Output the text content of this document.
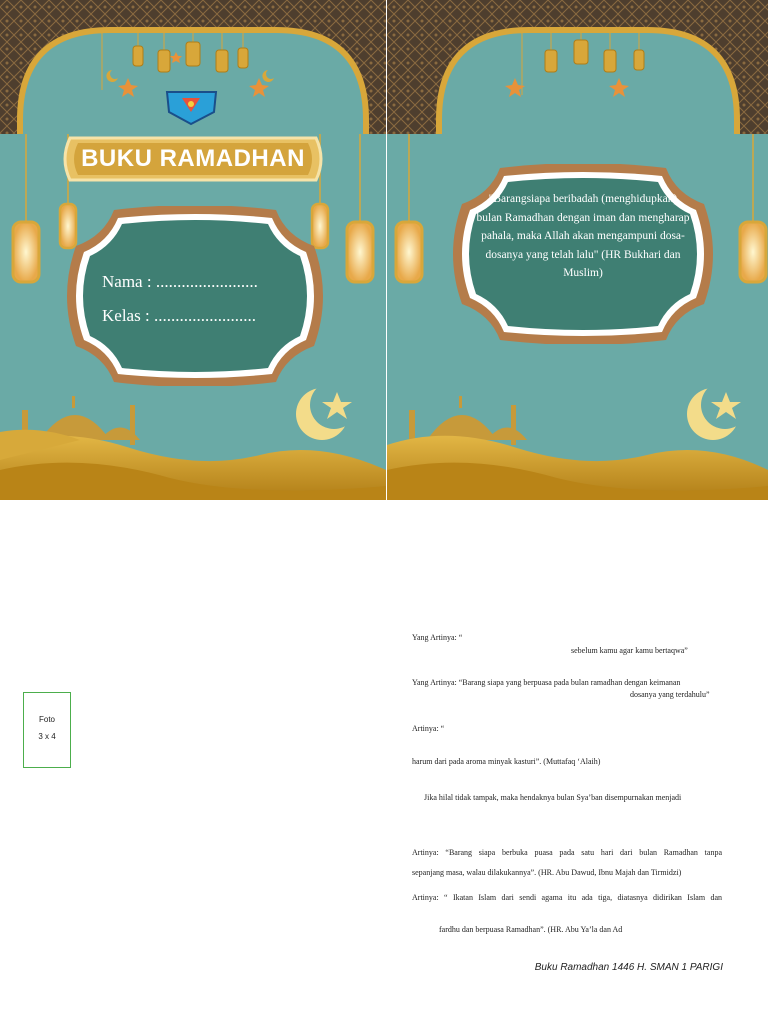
BUKU RAMADHAN
Nama : ........................
Kelas : ........................
"Barangsiapa beribadah (menghidupkan) bulan Ramadhan dengan iman dan mengharap pahala, maka Allah akan mengampuni dosa-dosanya yang telah lalu" (HR Bukhari dan Muslim)
Foto
3 x 4
Yang Artinya: “
sebelum kamu agar kamu bertaqwa”
Yang Artinya: “Barang siapa yang berpuasa pada bulan ramadhan dengan keimanan
dosanya yang terdahulu”
Artinya: “
harum dari pada aroma minyak kasturi”. (Muttafaq ‘Alaih)
Jika hilal tidak tampak, maka hendaknya bulan Sya’ban disempurnakan menjadi
Artinya: “Barang siapa berbuka puasa pada satu hari dari bulan Ramadhan tanpa
sepanjang masa, walau dilakukannya”. (HR. Abu Dawud, Ibnu Majah dan Tirmidzi)
Artinya: “ Ikatan Islam dari sendi agama itu ada tiga, diatasnya didirikan Islam dan
fardhu dan berpuasa Ramadhan”. (HR. Abu Ya’la dan Ad
Buku Ramadhan 1446 H. SMAN 1 PARIGI
